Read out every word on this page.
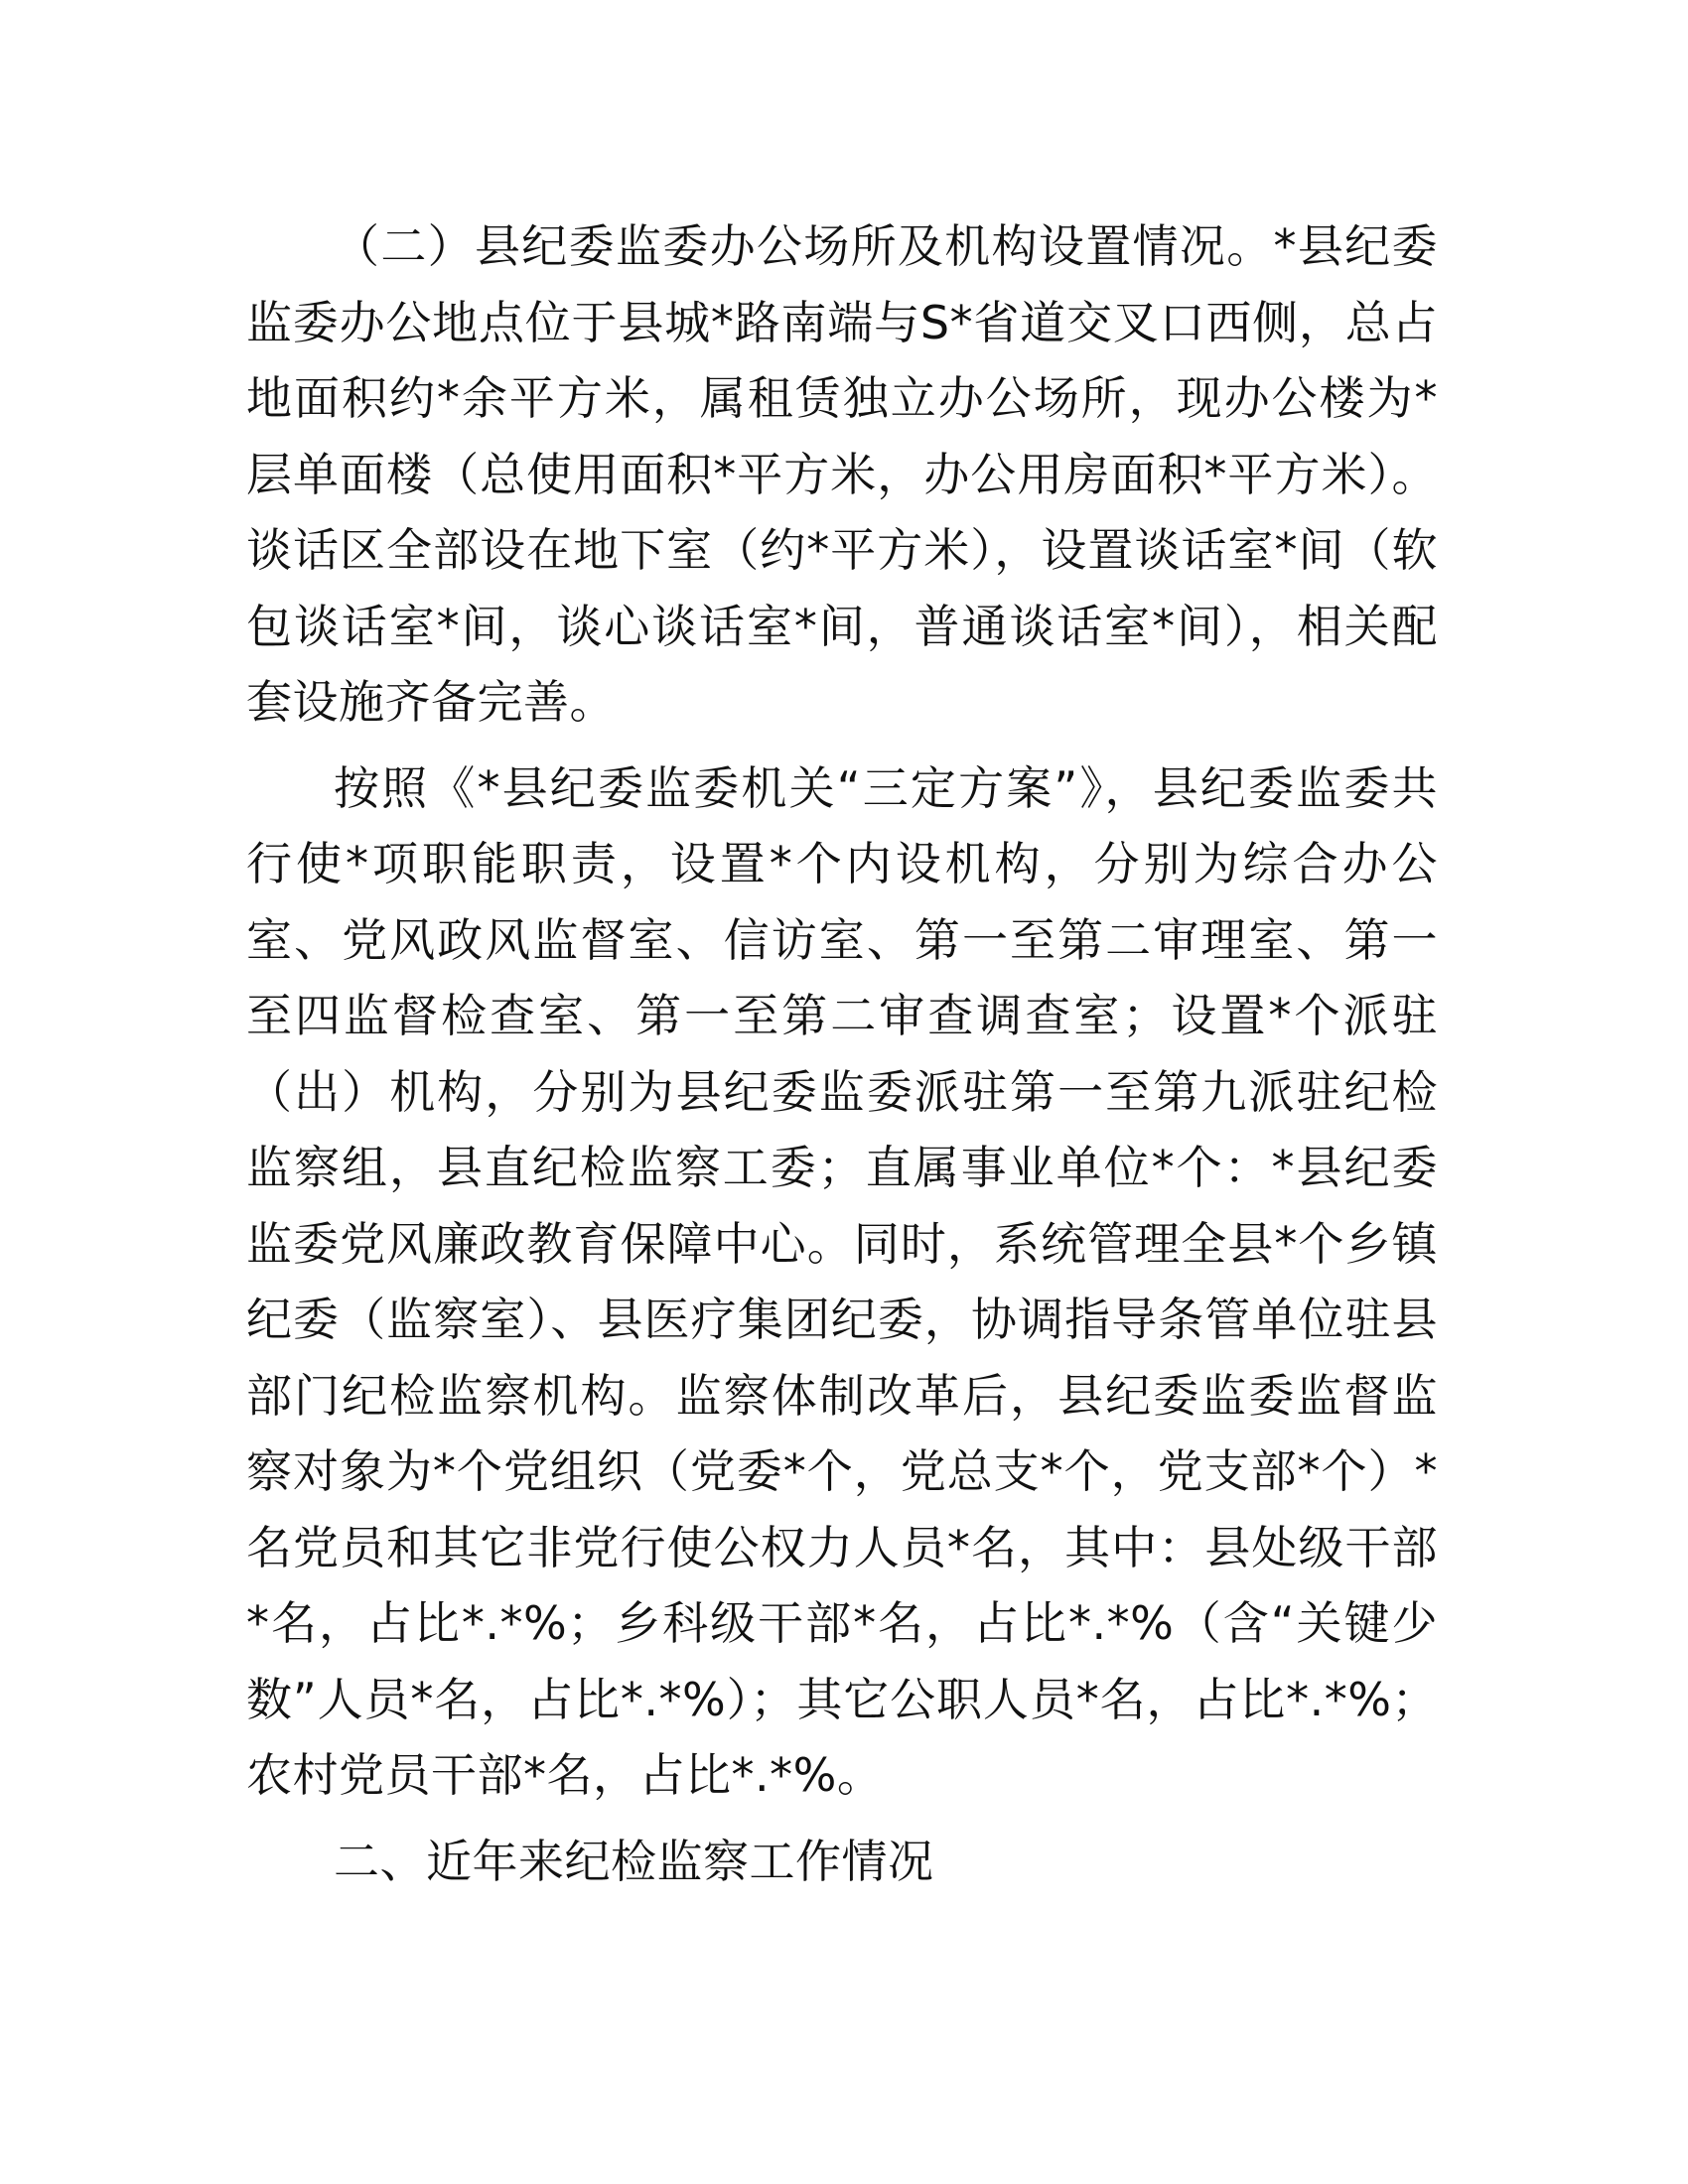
（二）县纪委监委办公场所及机构设置情况。*县纪委监委办公地点位于县城*路南端与S*省道交叉口西侧，总占地面积约*余平方米，属租赁独立办公场所，现办公楼为*层单面楼（总使用面积*平方米，办公用房面积*平方米）。谈话区全部设在地下室（约*平方米），设置谈话室*间（软包谈话室*间，谈心谈话室*间，普通谈话室*间），相关配套设施齐备完善。

按照《*县纪委监委机关“三定方案”》，县纪委监委共行使*项职能职责，设置*个内设机构，分别为综合办公室、党风政风监督室、信访室、第一至第二审理室、第一至四监督检查室、第一至第二审查调查室；设置*个派驻（出）机构，分别为县纪委监委派驻第一至第九派驻纪检监察组，县直纪检监察工委；直属事业单位*个：*县纪委监委党风廉政教育保障中心。同时，系统管理全县*个乡镇纪委（监察室）、县医疗集团纪委，协调指导条管单位驻县部门纪检监察机构。监察体制改革后，县纪委监委监督监察对象为*个党组织（党委*个，党总支*个，党支部*个）*名党员和其它非党行使公权力人员*名，其中：县处级干部*名，占比*.*%；乡科级干部*名，占比*.*%（含“关键少数”人员*名，占比*.*%）；其它公职人员*名，占比*.*%；农村党员干部*名，占比*.*%。

二、近年来纪检监察工作情况
